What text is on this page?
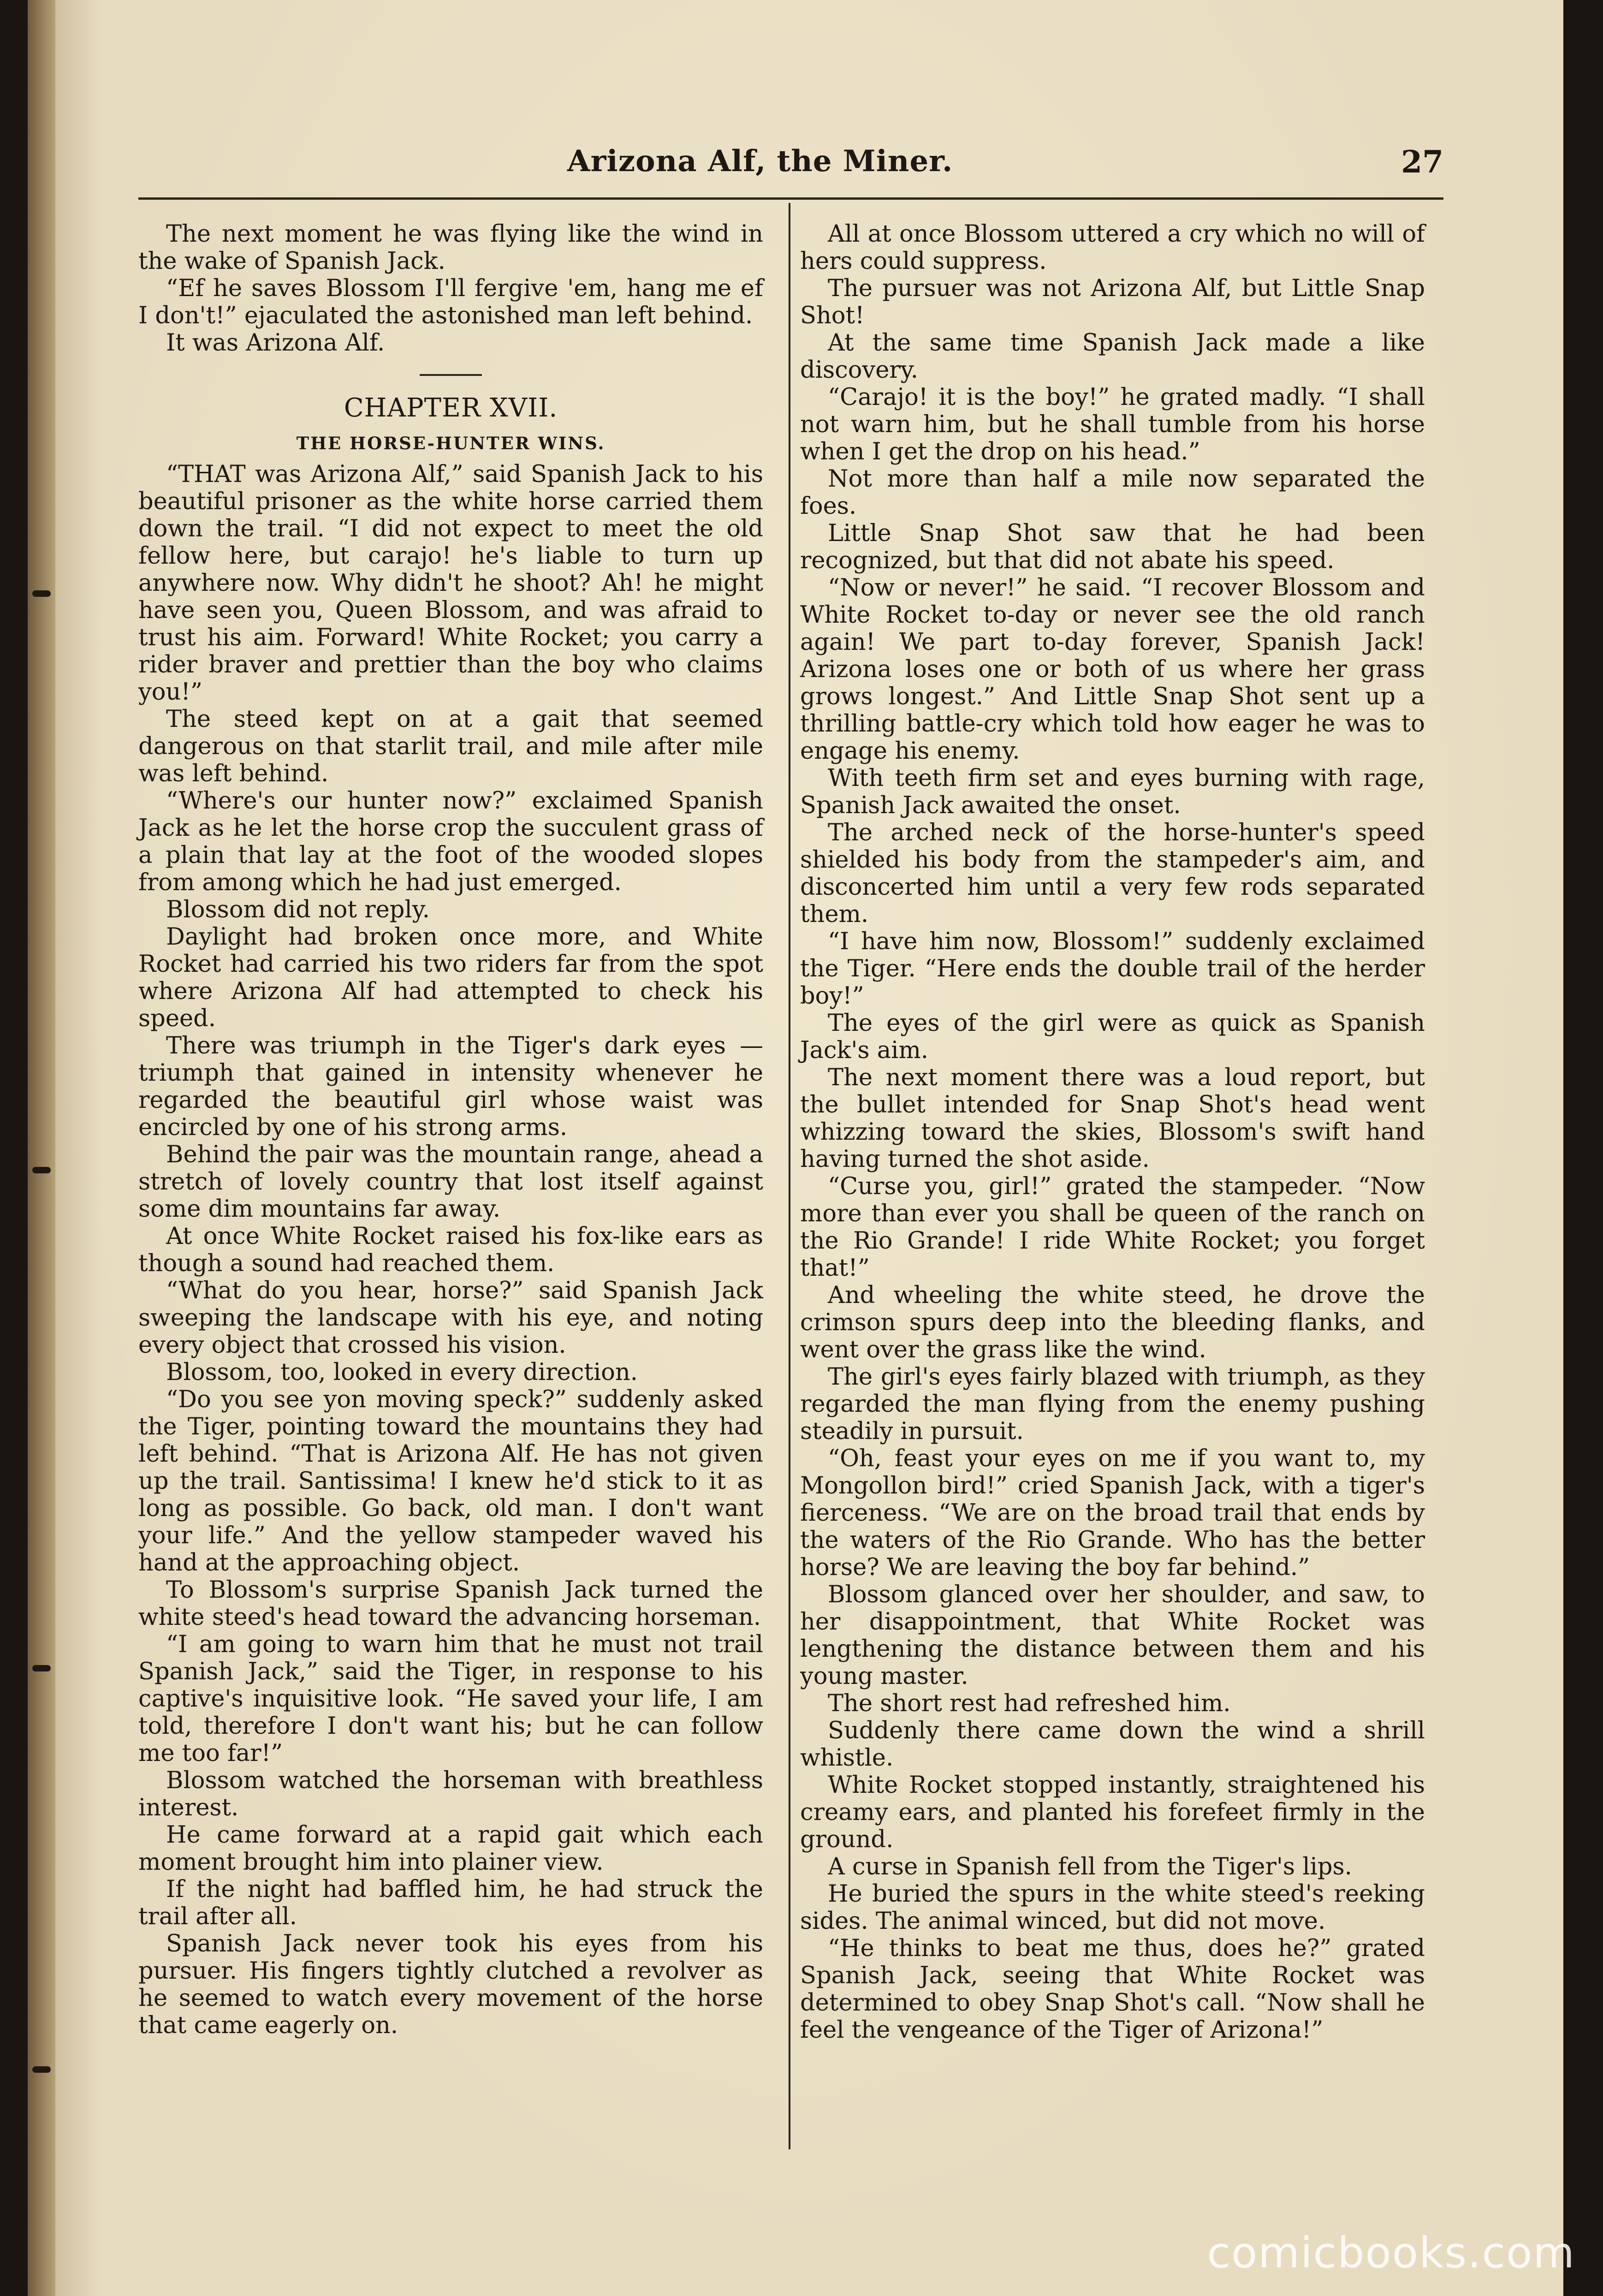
Arizona Alf, the Miner.	27

The next moment he was flying like the wind in the wake of Spanish Jack.

“Ef he saves Blossom I'll fergive 'em, hang me ef I don't!” ejaculated the astonished man left behind.

It was Arizona Alf.

CHAPTER XVII.
THE HORSE-HUNTER WINS.

“THAT was Arizona Alf,” said Spanish Jack to his beautiful prisoner as the white horse carried them down the trail. “I did not expect to meet the old fellow here, but carajo! he's liable to turn up anywhere now. Why didn't he shoot? Ah! he might have seen you, Queen Blossom, and was afraid to trust his aim. Forward! White Rocket; you carry a rider braver and prettier than the boy who claims you!”

The steed kept on at a gait that seemed dangerous on that starlit trail, and mile after mile was left behind.

“Where's our hunter now?” exclaimed Spanish Jack as he let the horse crop the succulent grass of a plain that lay at the foot of the wooded slopes from among which he had just emerged.

Blossom did not reply.

Daylight had broken once more, and White Rocket had carried his two riders far from the spot where Arizona Alf had attempted to check his speed.

There was triumph in the Tiger's dark eyes —triumph that gained in intensity whenever he regarded the beautiful girl whose waist was encircled by one of his strong arms.

Behind the pair was the mountain range, ahead a stretch of lovely country that lost itself against some dim mountains far away.

At once White Rocket raised his fox-like ears as though a sound had reached them.

“What do you hear, horse?” said Spanish Jack sweeping the landscape with his eye, and noting every object that crossed his vision.

Blossom, too, looked in every direction.

“Do you see yon moving speck?” suddenly asked the Tiger, pointing toward the mountains they had left behind. “That is Arizona Alf. He has not given up the trail. Santissima! I knew he'd stick to it as long as possible. Go back, old man. I don't want your life.” And the yellow stampeder waved his hand at the approaching object.

To Blossom's surprise Spanish Jack turned the white steed's head toward the advancing horseman.

“I am going to warn him that he must not trail Spanish Jack,” said the Tiger, in response to his captive's inquisitive look. “He saved your life, I am told, therefore I don't want his; but he can follow me too far!”

Blossom watched the horseman with breathless interest.

He came forward at a rapid gait which each moment brought him into plainer view.

If the night had baffled him, he had struck the trail after all.

Spanish Jack never took his eyes from his pursuer. His fingers tightly clutched a revolver as he seemed to watch every movement of the horse that came eagerly on.

All at once Blossom uttered a cry which no will of hers could suppress.

The pursuer was not Arizona Alf, but Little Snap Shot!

At the same time Spanish Jack made a like discovery.

“Carajo! it is the boy!” he grated madly. “I shall not warn him, but he shall tumble from his horse when I get the drop on his head.”

Not more than half a mile now separated the foes.

Little Snap Shot saw that he had been recognized, but that did not abate his speed.

“Now or never!” he said. “I recover Blossom and White Rocket to-day or never see the old ranch again! We part to-day forever, Spanish Jack! Arizona loses one or both of us where her grass grows longest.” And Little Snap Shot sent up a thrilling battle-cry which told how eager he was to engage his enemy.

With teeth firm set and eyes burning with rage, Spanish Jack awaited the onset.

The arched neck of the horse-hunter's speed shielded his body from the stampeder's aim, and disconcerted him until a very few rods separated them.

“I have him now, Blossom!” suddenly exclaimed the Tiger. “Here ends the double trail of the herder boy!”

The eyes of the girl were as quick as Spanish Jack's aim.

The next moment there was a loud report, but the bullet intended for Snap Shot's head went whizzing toward the skies, Blossom's swift hand having turned the shot aside.

“Curse you, girl!” grated the stampeder. “Now more than ever you shall be queen of the ranch on the Rio Grande! I ride White Rocket; you forget that!”

And wheeling the white steed, he drove the crimson spurs deep into the bleeding flanks, and went over the grass like the wind.

The girl's eyes fairly blazed with triumph, as they regarded the man flying from the enemy pushing steadily in pursuit.

“Oh, feast your eyes on me if you want to, my Mongollon bird!” cried Spanish Jack, with a tiger's fierceness. “We are on the broad trail that ends by the waters of the Rio Grande. Who has the better horse? We are leaving the boy far behind.”

Blossom glanced over her shoulder, and saw, to her disappointment, that White Rocket was lengthening the distance between them and his young master.

The short rest had refreshed him.

Suddenly there came down the wind a shrill whistle.

White Rocket stopped instantly, straightened his creamy ears, and planted his forefeet firmly in the ground.

A curse in Spanish fell from the Tiger's lips.

He buried the spurs in the white steed's reeking sides. The animal winced, but did not move.

“He thinks to beat me thus, does he?” grated Spanish Jack, seeing that White Rocket was determined to obey Snap Shot's call. “Now shall he feel the vengeance of the Tiger of Arizona!”

comicbooks.com
